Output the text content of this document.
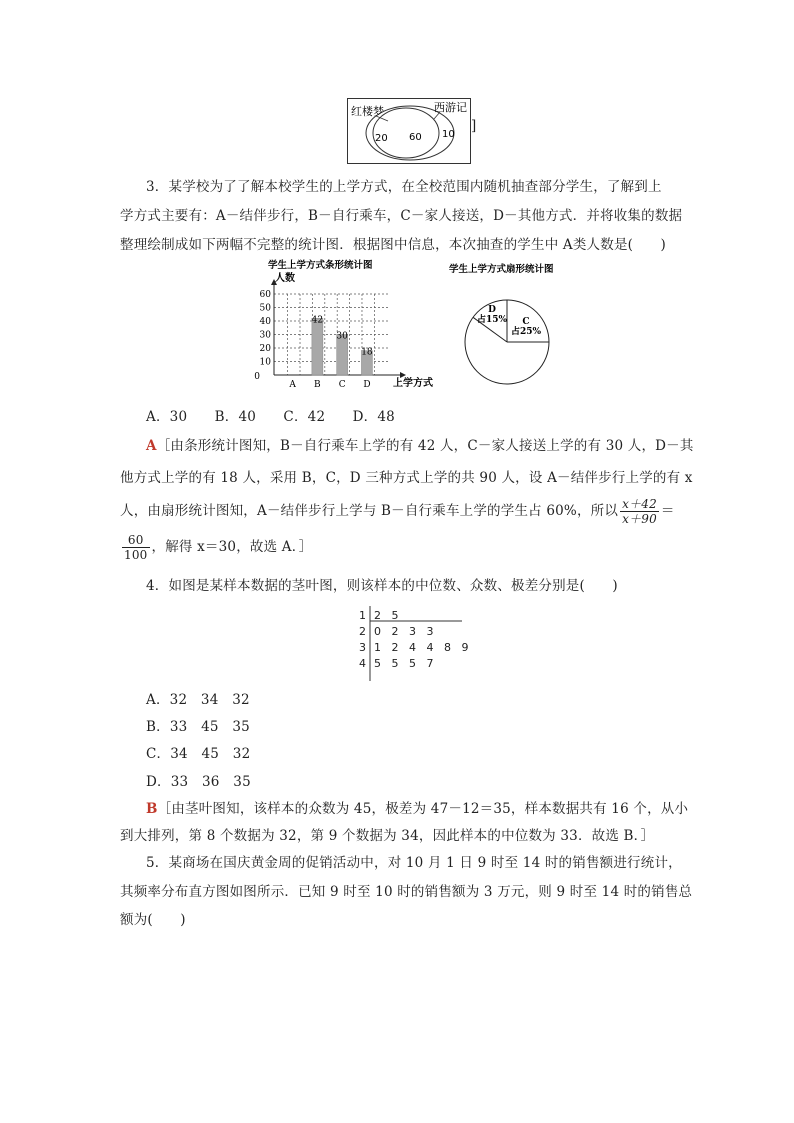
红楼梦	西游记
20 60 10
]
3．某学校为了了解本校学生的上学方式，在全校范围内随机抽查部分学生，了解到上
学方式主要有：A－结伴步行，B－自行乘车，C－家人接送，D－其他方式．并将收集的数据
整理绘制成如下两幅不完整的统计图．根据图中信息，本次抽查的学生中 A类人数是(　　)
学生上学方式条形统计图
人数
0
10
20
30
40
50
60
42
30
18
A B C D 上学方式
学生上学方式扇形统计图
D
占15% C
占25%
A．30　　B．40　　C．42　　D．48
A［由条形统计图知，B－自行乘车上学的有 42 人，C－家人接送上学的有 30 人，D－其
他方式上学的有 18 人，采用 B，C，D 三种方式上学的共 90 人，设 A－结伴步行上学的有 x
人，由扇形统计图知，A－结伴步行上学与 B－自行乘车上学的学生占 60%，所以 $\frac{x+42}{x+90}$ ＝
$\frac{60}{100}$ ，解得 x＝30，故选 A．］
4．如图是某样本数据的茎叶图，则该样本的中位数、众数、极差分别是(　　)
1 2 5
2 0 2 3 3
3 1 2 4 4 8 9
4 5 5 5 7
A．32　34　32
B．33　45　35
C．34　45　32
D．33　36　35
B［由茎叶图知，该样本的众数为 45，极差为 47－12＝35，样本数据共有 16 个，从小
到大排列，第 8 个数据为 32，第 9 个数据为 34，因此样本的中位数为 33．故选 B．］
5．某商场在国庆黄金周的促销活动中，对 10 月 1 日 9 时至 14 时的销售额进行统计，
其频率分布直方图如图所示．已知 9 时至 10 时的销售额为 3 万元，则 9 时至 14 时的销售总
额为(　　)
